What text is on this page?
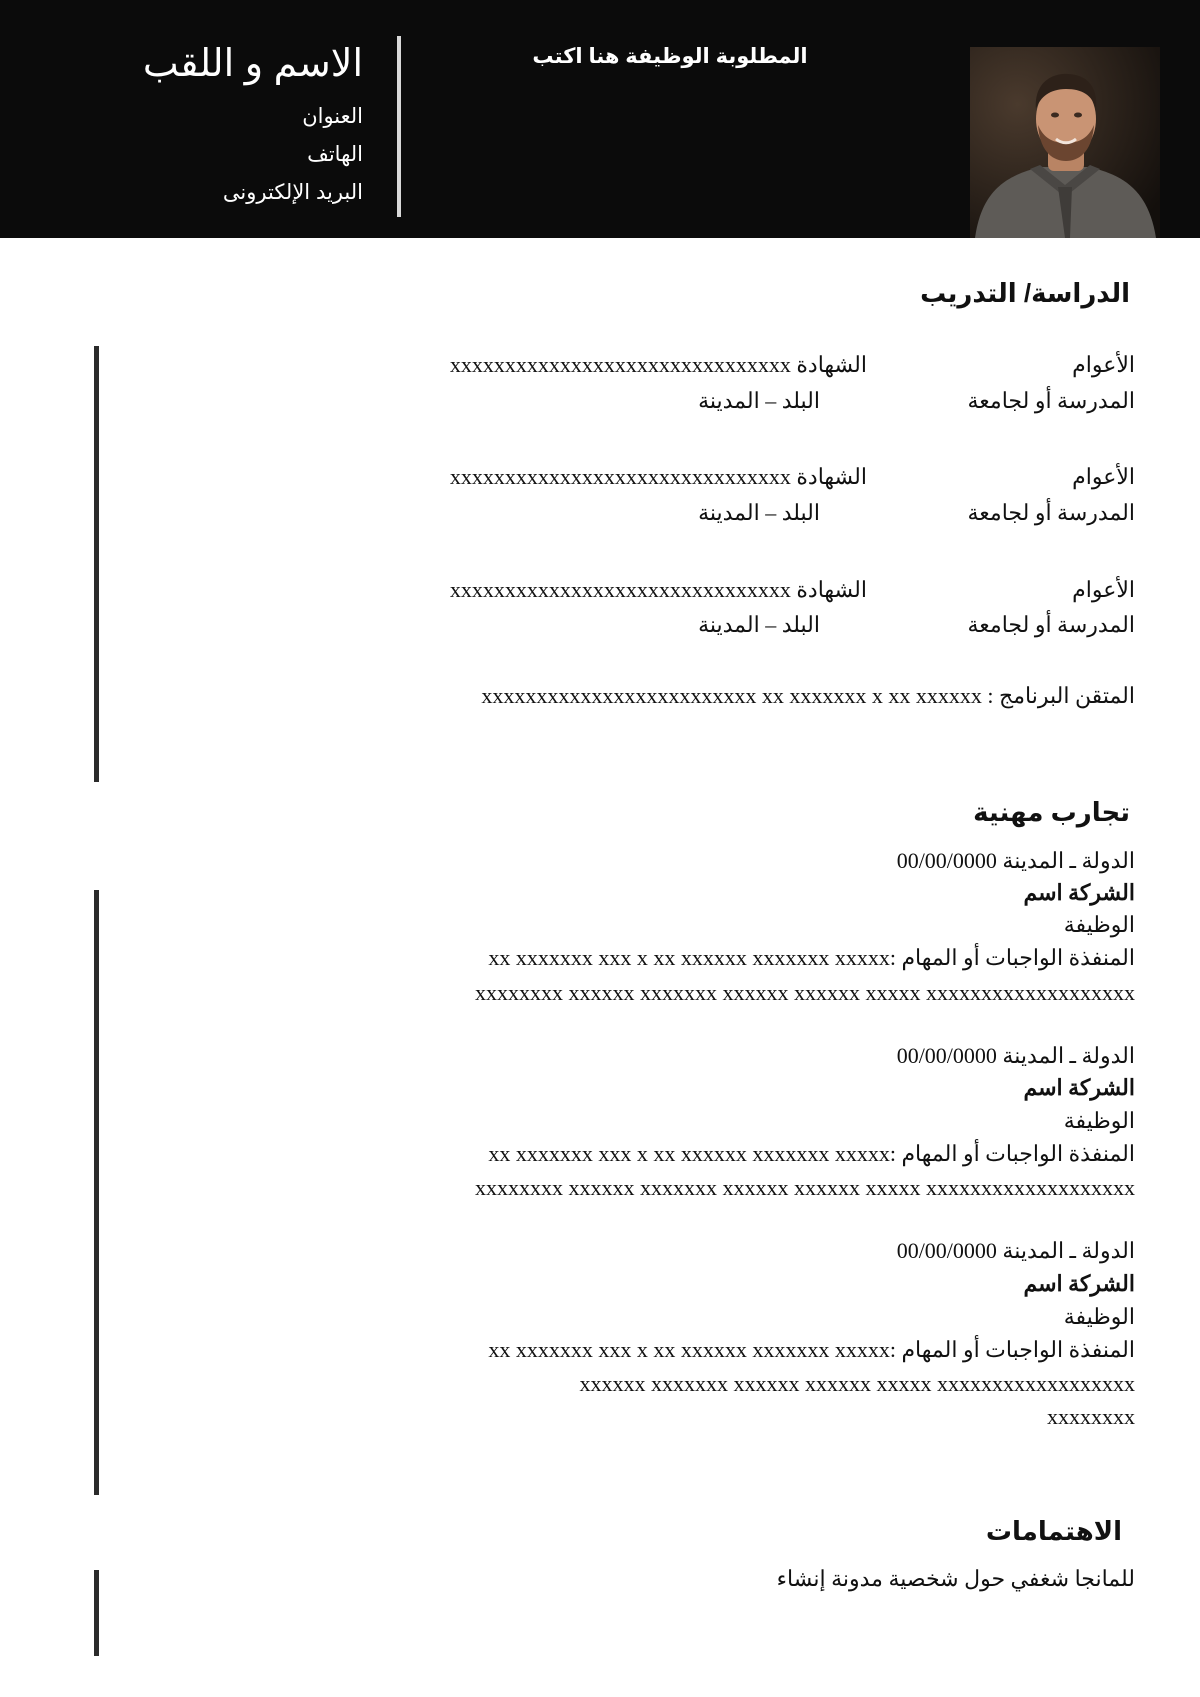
المطلوبة الوظيفة هنا اكتب
الاسم و اللقب
العنوان
الهاتف
البريد الإلكترونى
الدراسة/ التدريب
الأعوام
الشهادة xxxxxxxxxxxxxxxxxxxxxxxxxxxxxxx
المدرسة أو لجامعة
البلد – المدينة
الأعوام
الشهادة xxxxxxxxxxxxxxxxxxxxxxxxxxxxxxx
المدرسة أو لجامعة
البلد – المدينة
الأعوام
الشهادة xxxxxxxxxxxxxxxxxxxxxxxxxxxxxxx
المدرسة أو لجامعة
البلد – المدينة
المتقن البرنامج : xxxxxxxxxxxxxxxxxxxxxxxxx xx xxxxxxx x xx xxxxxx
تجارب مهنية
الدولة ـ المدينة 00/00/0000
الشركة اسم
الوظيفة
المنفذة الواجبات أو المهام :xx xxxxxxx xxx x xx xxxxxx xxxxxxx xxxxx
xxxxxxxx xxxxxx xxxxxxx xxxxxx xxxxxx xxxxx xxxxxxxxxxxxxxxxxxx
الدولة ـ المدينة 00/00/0000
الشركة اسم
الوظيفة
المنفذة الواجبات أو المهام :xx xxxxxxx xxx x xx xxxxxx xxxxxxx xxxxx
xxxxxxxx xxxxxx xxxxxxx xxxxxx xxxxxx xxxxx xxxxxxxxxxxxxxxxxxx
الدولة ـ المدينة 00/00/0000
الشركة اسم
الوظيفة
المنفذة الواجبات أو المهام :xx xxxxxxx xxx x xx xxxxxx xxxxxxx xxxxx
xxxxxx xxxxxxx xxxxxx xxxxxx xxxxx xxxxxxxxxxxxxxxxxx
xxxxxxxx
الاهتمامات
للمانجا شغفي حول شخصية مدونة إنشاء
